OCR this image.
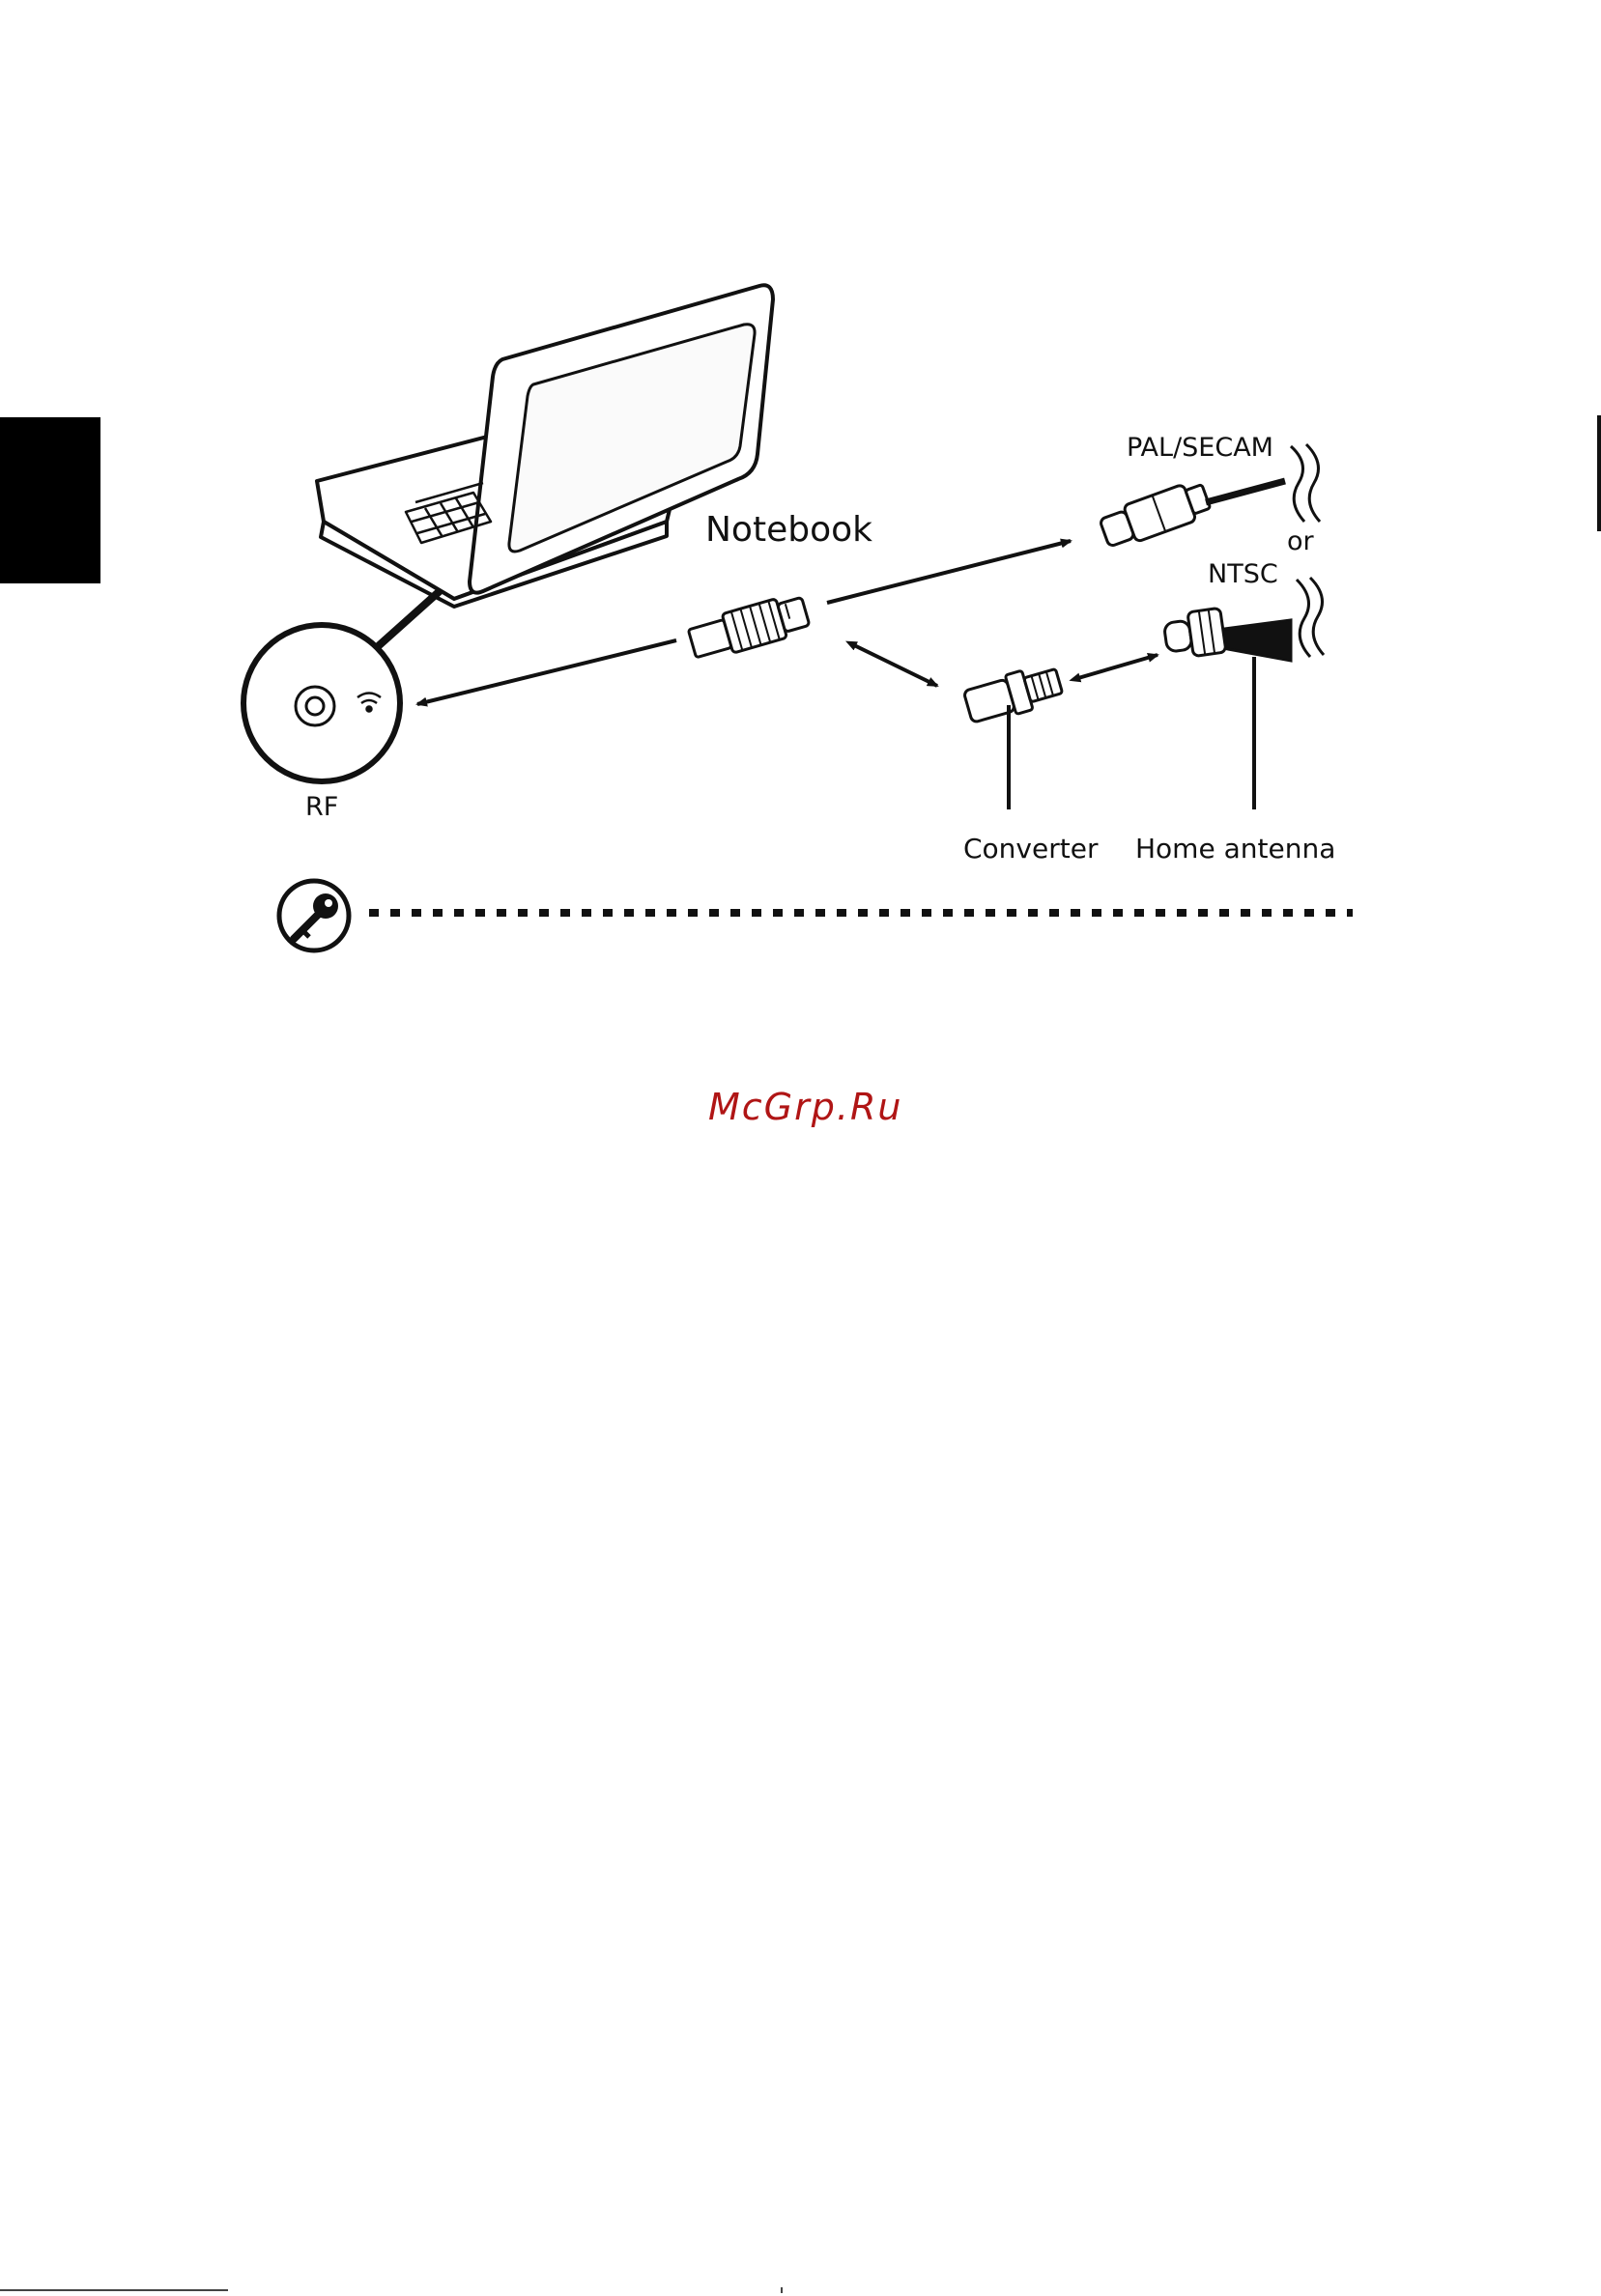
Notebook
PAL/SECAM
or
NTSC
RF
Converter Home antenna
McGrp.Ru
